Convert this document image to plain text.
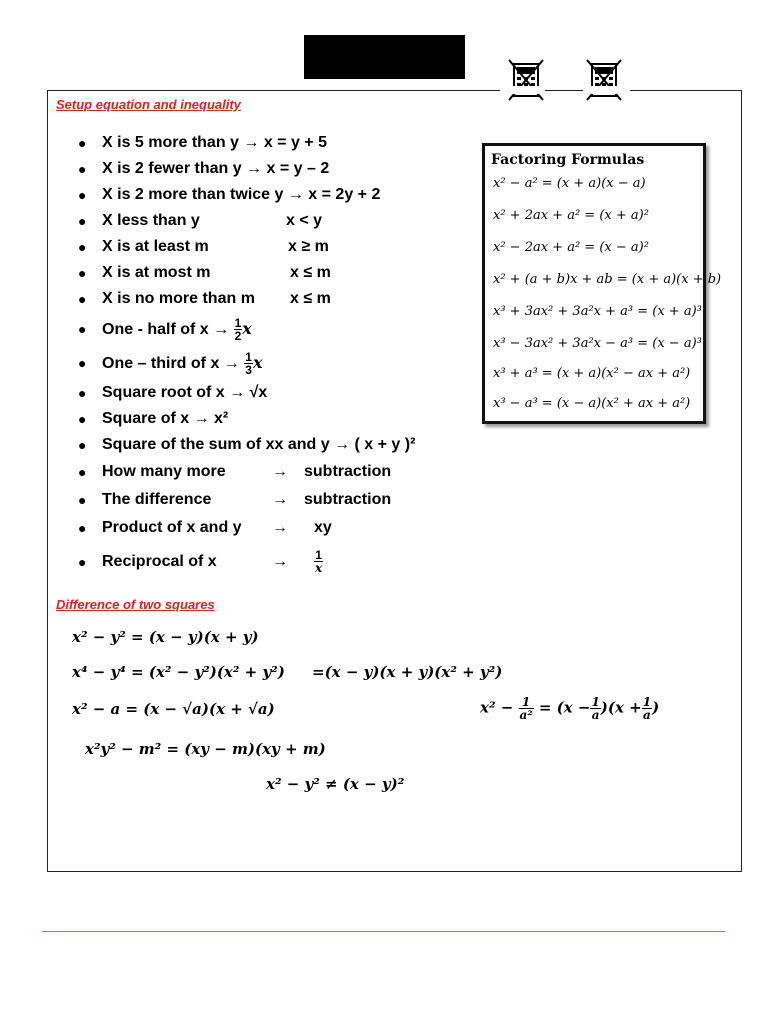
Setup equation and inequality
● X is 5 more than y → x = y + 5
● X is 2 fewer than y → x = y – 2
● X is 2 more than twice y → x = 2y + 2
● X less than y	x < y
● X is at least m	x ≥ m
● X is at most m	x ≤ m
● X is no more than m x ≤ m
● One - half of $x \to \frac{1}{2}$ x
● One – third of $x \to \frac{1}{3}$ x
● Square root of x → √x
● Square of x → x²
● Square of the sum of xx and y → ( x + y )²
● How many more	→ subtraction
● The difference	→ subtraction
● Product of x and y → xy
● Reciprocal of x	→ $\frac{1}{x}$
Factoring Formulas
x² − a² = (x + a)(x − a)
x² + 2ax + a² = (x + a)²
x² − 2ax + a² = (x − a)²
x² + (a + b)x + ab = (x + a)(x + b)
x³ + 3ax² + 3a²x + a³ = (x + a)³
x³ − 3ax² + 3a²x − a³ = (x − a)³
x³ + a³ = (x + a)(x² − ax + a²)
x³ − a³ = (x − a)(x² + ax + a²)
Difference of two squares
x² − y² = (x − y)(x + y)
x⁴ − y⁴ = (x² − y²)(x² + y²) =(x − y)(x + y)(x² + y²)
x² − a = (x − √a)(x + √a)	$x^2 - \frac{1}{\text{a²}} = (x - \frac{1}{a} )(x + \frac{1}{a}$ )
x²y² − m² = (xy − m)(xy + m)
x² − y² ≠ (x − y)²
